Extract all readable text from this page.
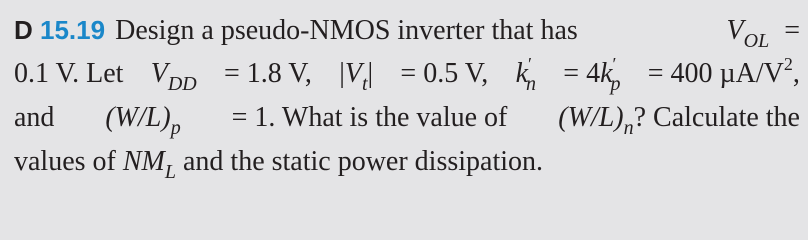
D 15.19 Design a pseudo-NMOS inverter that has	$V_{OL}$ =
0.1 V. Let $V_{DD} = 1.8$ V, $|V_t| = 0.5$ V, $k'_n = 4k'_p = 400$ $\mu A/V^2$,
and $(W/L)_p = 1$. What is the value of $(W/L)_n$? Calculate the
values of $NM_L$ and the static power dissipation.
